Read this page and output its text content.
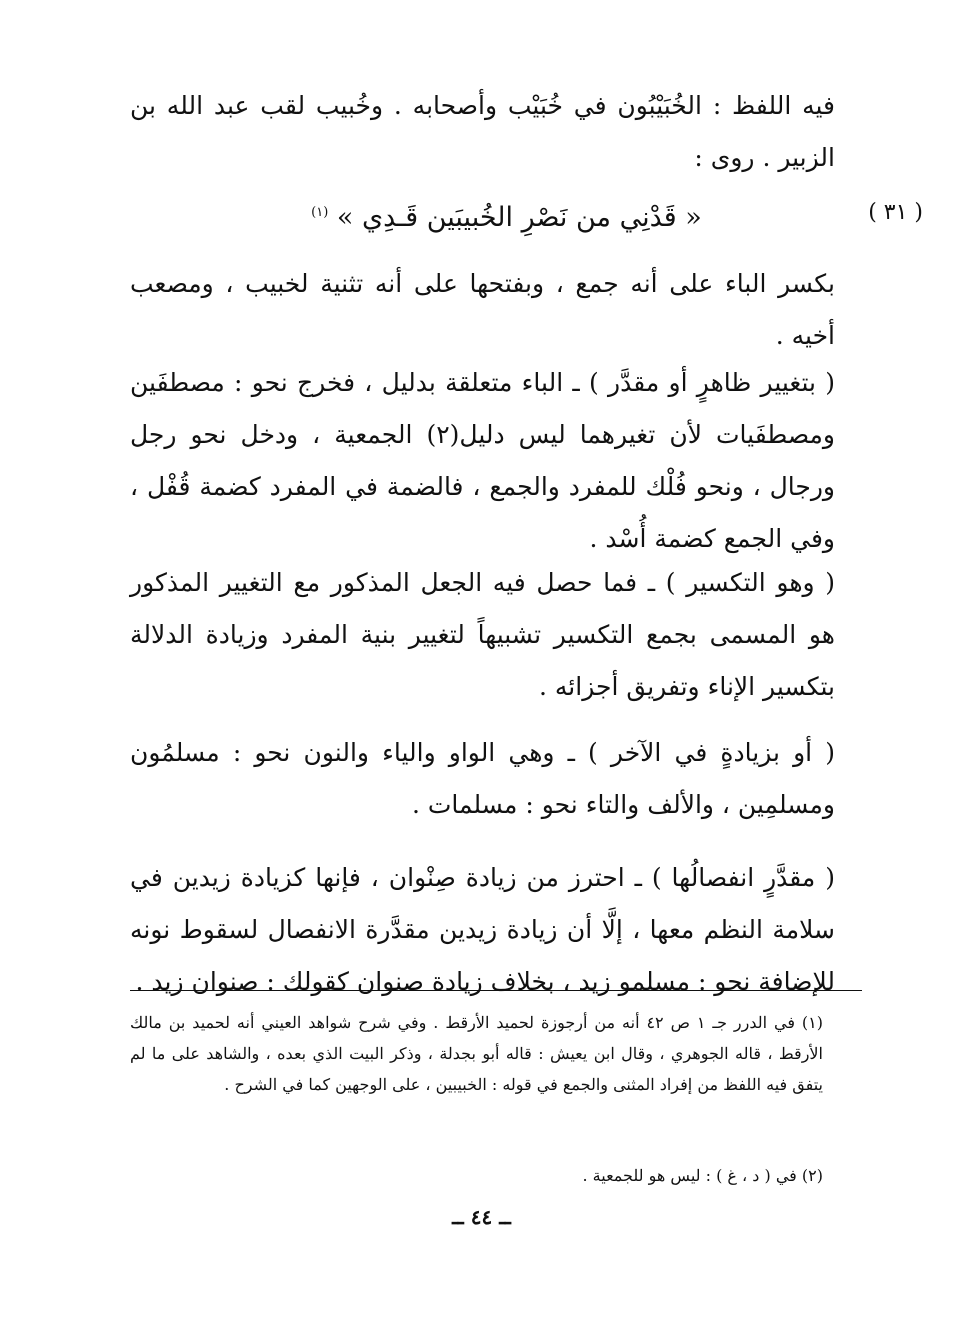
فيه اللفظ : الخُبَيْبُون في خُبَيْب وأصحابه . وخُبيب لقب عبد الله بن الزبير . روى :
( ٣١ )
« قَدْنِي من نَصْرِ الخُبيبَين قَـدِي » $^{(١)}$
بكسر الباء على أنه جمع ، وبفتحها على أنه تثنية لخبيب ، ومصعب أخيه .
( بتغيير ظاهرٍ أو مقدَّر ) ـ الباء متعلقة بدليل ، فخرج نحو : مصطفَين ومصطفَيات لأن تغيرهما ليس دليل(٢) الجمعية ، ودخل نحو رجل ورجال ، ونحو فُلْك للمفرد والجمع ، فالضمة في المفرد كضمة قُفْل ، وفي الجمع كضمة أُسْد .
( وهو التكسير ) ـ فما حصل فيه الجعل المذكور مع التغيير المذكور هو المسمى بجمع التكسير تشبيهاً لتغيير بنية المفرد وزيادة الدلالة بتكسير الإناء وتفريق أجزائه .
( أو بزيادةٍ في الآخر ) ـ وهي الواو والياء والنون نحو : مسلمُون ومسلمِين ، والألف والتاء نحو : مسلمات .
( مقدَّرٍ انفصالُها ) ـ احترز من زيادة صِنْوان ، فإنها كزيادة زيدين في سلامة النظم معها ، إلَّا أن زيادة زيدين مقدَّرة الانفصال لسقوط نونه للإضافة نحو : مسلمو زيد ، بخلاف زيادة صنوان كقولك : صنوان زيد .
(١) في الدرر جـ ١ ص ٤٢ أنه من أرجوزة لحميد الأرقط . وفي شرح شواهد العيني أنه لحميد بن مالك الأرقط ، قاله الجوهري ، وقال ابن يعيش : قاله أبو بجدلة ، وذكر البيت الذي بعده ، والشاهد على ما لم يتفق فيه اللفظ من إفراد المثنى والجمع في قوله : الخبيبين ، على الوجهين كما في الشرح .
(٢) في ( د ، غ ) : ليس هو للجمعية .
ــ ٤٤ ــ
